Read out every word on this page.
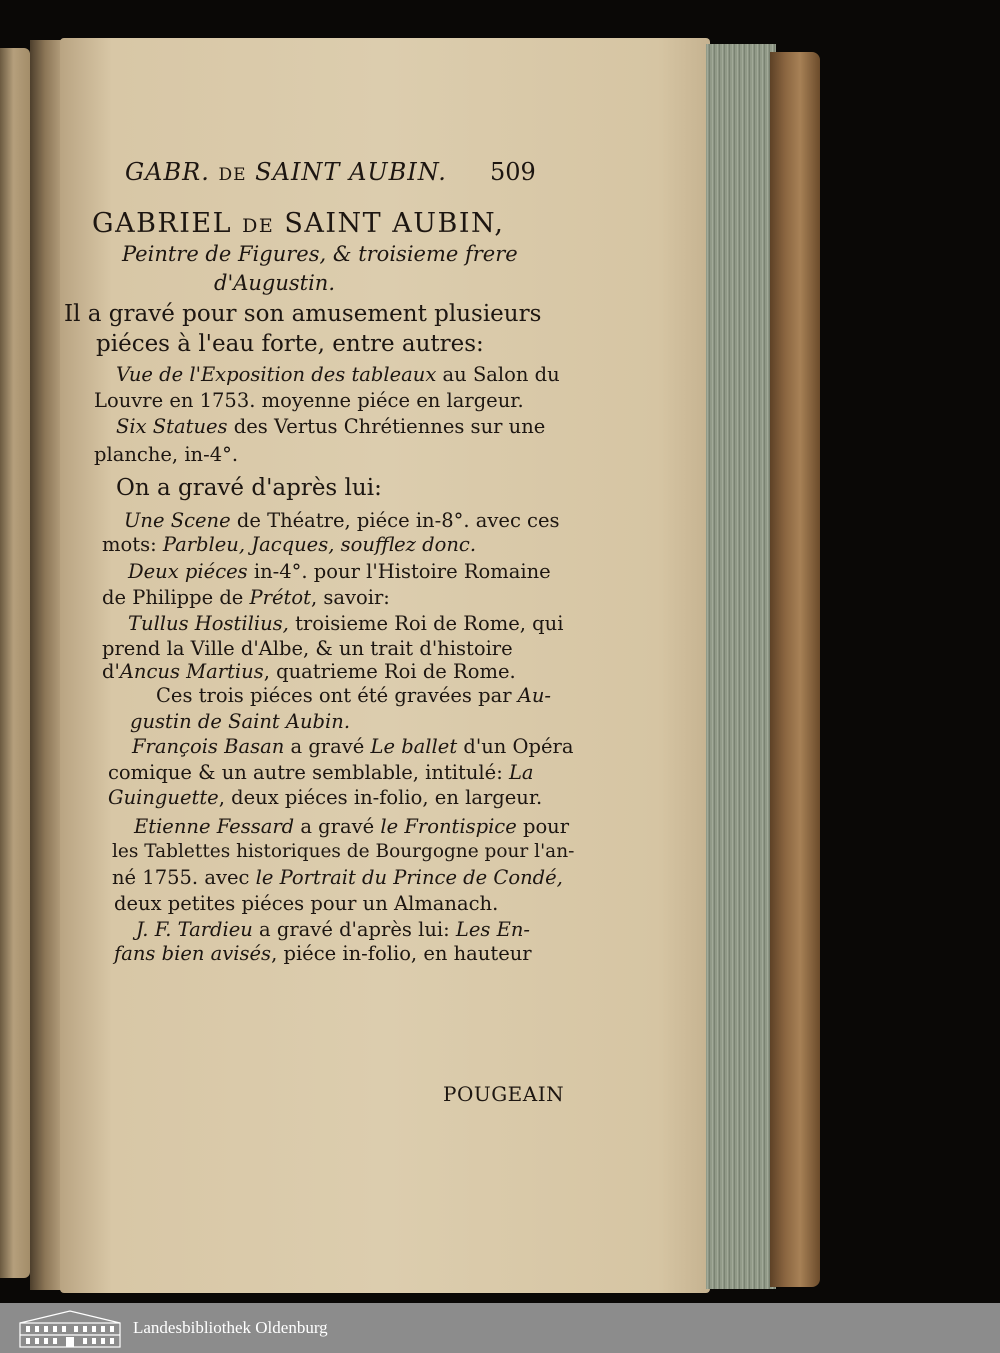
GABR. DE SAINT AUBIN. 509
GABRIEL DE SAINT AUBIN,
Peintre de Figures, & troisieme frere
d'Augustin.
Il a gravé pour son amusement plusieurs
piéces à l'eau forte, entre autres:
Vue de l'Exposition des tableaux au Salon du
Louvre en 1753. moyenne piéce en largeur.
Six Statues des Vertus Chrétiennes sur une
planche, in-4°.
On a gravé d'après lui:
Une Scene de Théatre, piéce in-8°. avec ces
mots: Parbleu, Jacques, soufflez donc.
Deux piéces in-4°. pour l'Histoire Romaine
de Philippe de Prétot, savoir:
Tullus Hostilius, troisieme Roi de Rome, qui
prend la Ville d'Albe, & un trait d'histoire
d'Ancus Martius, quatrieme Roi de Rome.
Ces trois piéces ont été gravées par Au-
gustin de Saint Aubin.
François Basan a gravé Le ballet d'un Opéra
comique & un autre semblable, intitulé: La
Guinguette, deux piéces in-folio, en largeur.
Etienne Fessard a gravé le Frontispice pour
les Tablettes historiques de Bourgogne pour l'an-
né 1755. avec le Portrait du Prince de Condé,
deux petites piéces pour un Almanach.
J. F. Tardieu a gravé d'après lui: Les En-
fans bien avisés, piéce in-folio, en hauteur
POUGEAIN
Landesbibliothek Oldenburg
